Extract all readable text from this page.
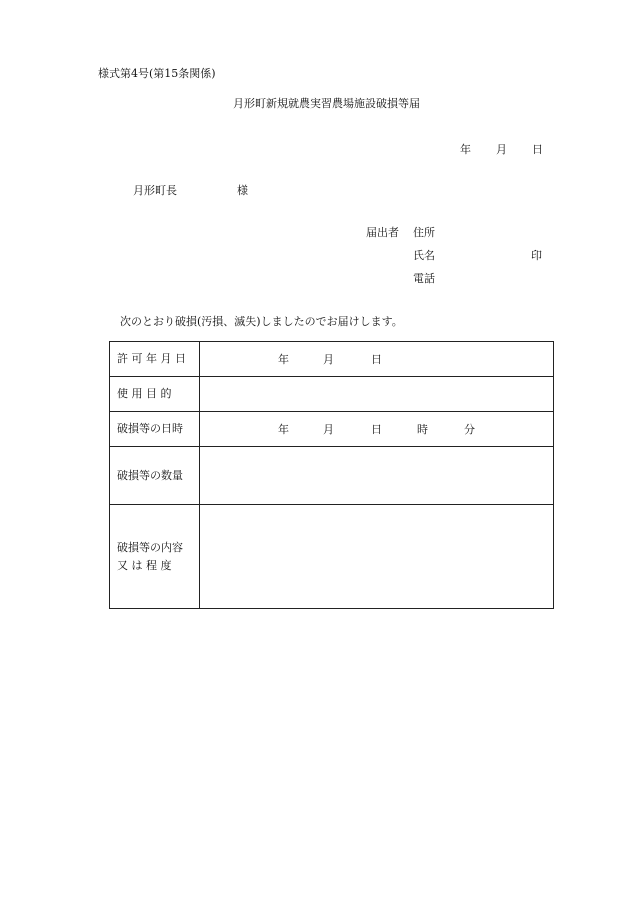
様式第4号(第15条関係)
月形町新規就農実習農場施設破損等届
年 月 日
月形町長	様
届出者 住所
氏名	印
電話
次のとおり破損(汚損、滅失)しましたのでお届けします。
許 可 年 月 日	年 月 日

使 用 目 的	
破損等の日時	年 月 日 時 分

破損等の数量	

破損等の内容
又 は 程 度	
